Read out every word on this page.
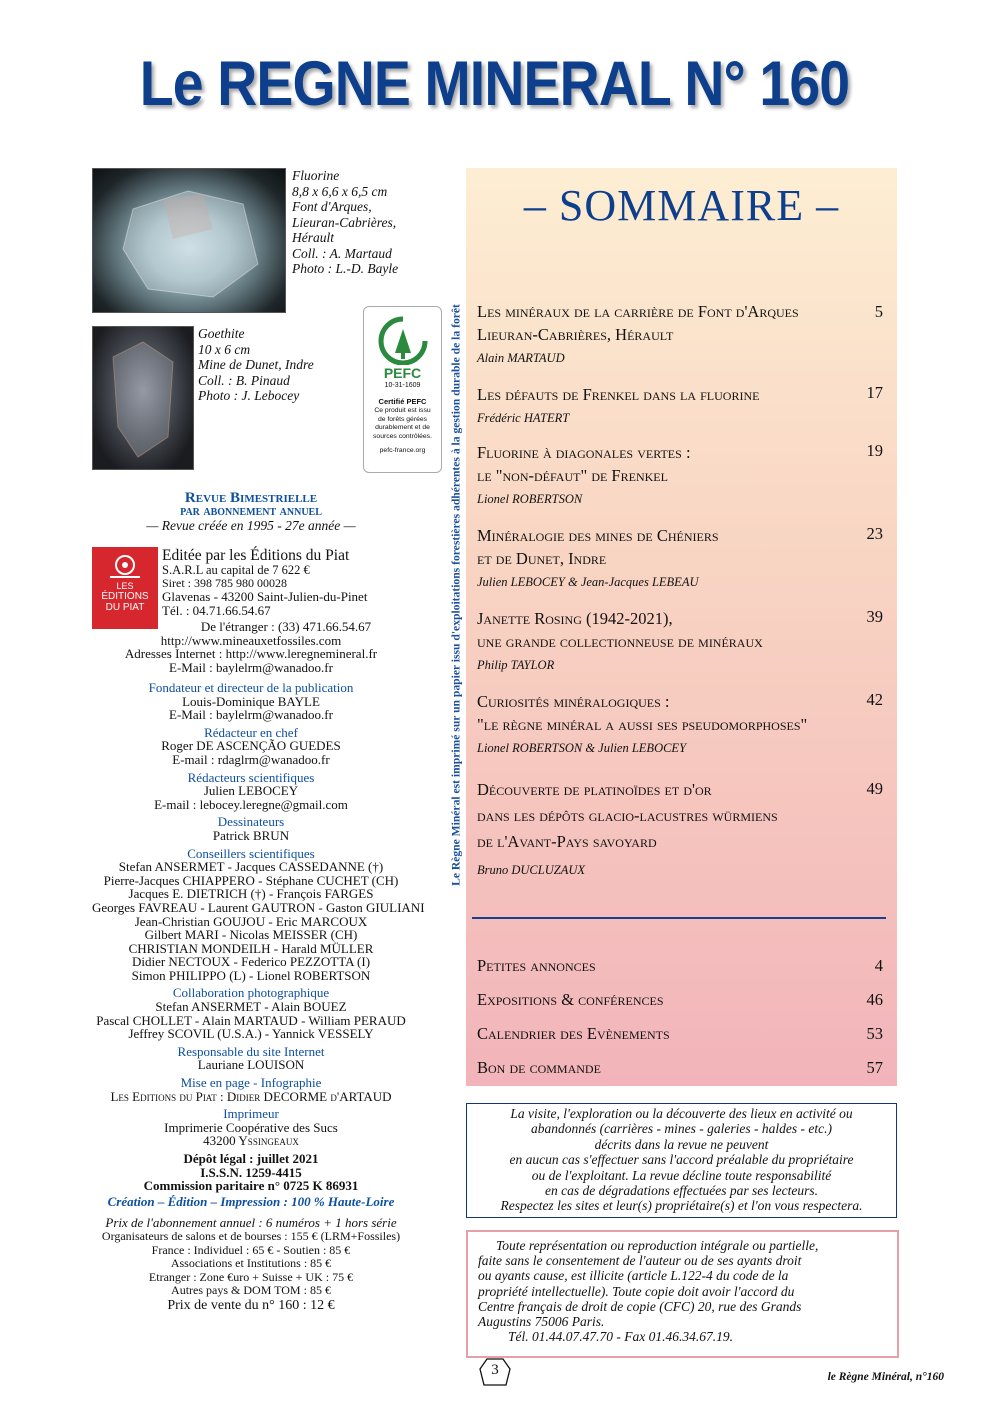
Le REGNE MINERAL N° 160
Fluorine
8,8 x 6,6 x 6,5 cm
Font d'Arques,
Lieuran-Cabrières,
Hérault
Coll. : A. Martaud
Photo : L.-D. Bayle
Goethite
10 x 6 cm
Mine de Dunet, Indre
Coll. : B. Pinaud
Photo : J. Lebocey
PEFC
10-31-1609
Certifié PEFC
Ce produit est issu
de forêts gérées
durablement et de
sources contrôlées.
pefc-france.org	Le Règne Minéral est imprimé sur un papier issu d'exploitations forestières adhérentes à la gestion durable de la forêt
Revue Bimestrielle
par abonnement annuel
— Revue créée en 1995 - 27e année —
LES
ÉDITIONS
DU PIAT
Editée par les Éditions du Piat
S.A.R.L au capital de 7 622 €
Siret : 398 785 980 00028
Glavenas - 43200 Saint-Julien-du-Pinet
Tél. : 04.71.66.54.67
De l'étranger : (33) 471.66.54.67
http://www.mineauxetfossiles.com
Adresses Internet : http://www.leregnemineral.fr
E-Mail : baylelrm@wanadoo.fr
Fondateur et directeur de la publication
Louis-Dominique BAYLE
E-Mail : baylelrm@wanadoo.fr
Rédacteur en chef
Roger DE ASCENÇÃO GUEDES
E-mail : rdaglrm@wanadoo.fr
Rédacteurs scientifiques
Julien LEBOCEY
E-mail : lebocey.leregne@gmail.com
Dessinateurs
Patrick BRUN
Conseillers scientifiques
Stefan ANSERMET - Jacques CASSEDANNE (†)
Pierre-Jacques CHIAPPERO - Stéphane CUCHET (CH)
Jacques E. DIETRICH (†) - François FARGES
Georges FAVREAU - Laurent GAUTRON - Gaston GIULIANI
Jean-Christian GOUJOU - Eric MARCOUX
Gilbert MARI - Nicolas MEISSER (CH)
CHRISTIAN MONDEILH - Harald MÜLLER
Didier NECTOUX - Federico PEZZOTTA (I)
Simon PHILIPPO (L) - Lionel ROBERTSON
Collaboration photographique
Stefan ANSERMET - Alain BOUEZ
Pascal CHOLLET - Alain MARTAUD - William PERAUD
Jeffrey SCOVIL (U.S.A.) - Yannick VESSELY
Responsable du site Internet
Lauriane LOUISON
Mise en page - Infographie
Les Editions du Piat : Didier DECORME d'ARTAUD
Imprimeur
Imprimerie Coopérative des Sucs
43200 Yssingeaux
Dépôt légal : juillet 2021
I.S.S.N. 1259-4415
Commission paritaire n° 0725 K 86931
Création – Édition – Impression : 100 % Haute-Loire
Prix de l'abonnement annuel : 6 numéros + 1 hors série
Organisateurs de salons et de bourses : 155 € (LRM+Fossiles)
France : Individuel : 65 € - Soutien : 85 €
Associations et Institutions : 85 €
Etranger : Zone €uro + Suisse + UK : 75 €
Autres pays & DOM TOM : 85 €
Prix de vente du n° 160 : 12 €
– SOMMAIRE –
Les minéraux de la carrière de Font d'Arques
Lieuran-Cabrières, Hérault
Alain MARTAUD
5
Les défauts de Frenkel dans la fluorine
Frédéric HATERT
17
Fluorine à diagonales vertes :
le "non-défaut" de Frenkel
Lionel ROBERTSON
19
Minéralogie des mines de Chéniers
et de Dunet, Indre
Julien LEBOCEY & Jean-Jacques LEBEAU
23
Janette Rosing (1942-2021),
une grande collectionneuse de minéraux
Philip TAYLOR
39
Curiosités minéralogiques :
"le règne minéral a aussi ses pseudomorphoses"
Lionel ROBERTSON & Julien LEBOCEY
42
Découverte de platinoïdes et d'or
dans les dépôts glacio-lacustres würmiens
de l'Avant-Pays savoyard
Bruno DUCLUZAUX
49
Petites annonces	4
Expositions & conférences	46
Calendrier des Evènements	53
Bon de commande	57
La visite, l'exploration ou la découverte des lieux en activité ou
abandonnés (carrières - mines - galeries - haldes - etc.)
décrits dans la revue ne peuvent
en aucun cas s'effectuer sans l'accord préalable du propriétaire
ou de l'exploitant. La revue décline toute responsabilité
en cas de dégradations effectuées par ses lecteurs.
Respectez les sites et leur(s) propriétaire(s) et l'on vous respectera.
Toute représentation ou reproduction intégrale ou partielle,
faite sans le consentement de l'auteur ou de ses ayants droit
ou ayants cause, est illicite (article L.122-4 du code de la
propriété intellectuelle). Toute copie doit avoir l'accord du
Centre français de droit de copie (CFC) 20, rue des Grands
Augustins 75006 Paris.
Tél. 01.44.07.47.70 - Fax 01.46.34.67.19.
3	le Règne Minéral, n°160
